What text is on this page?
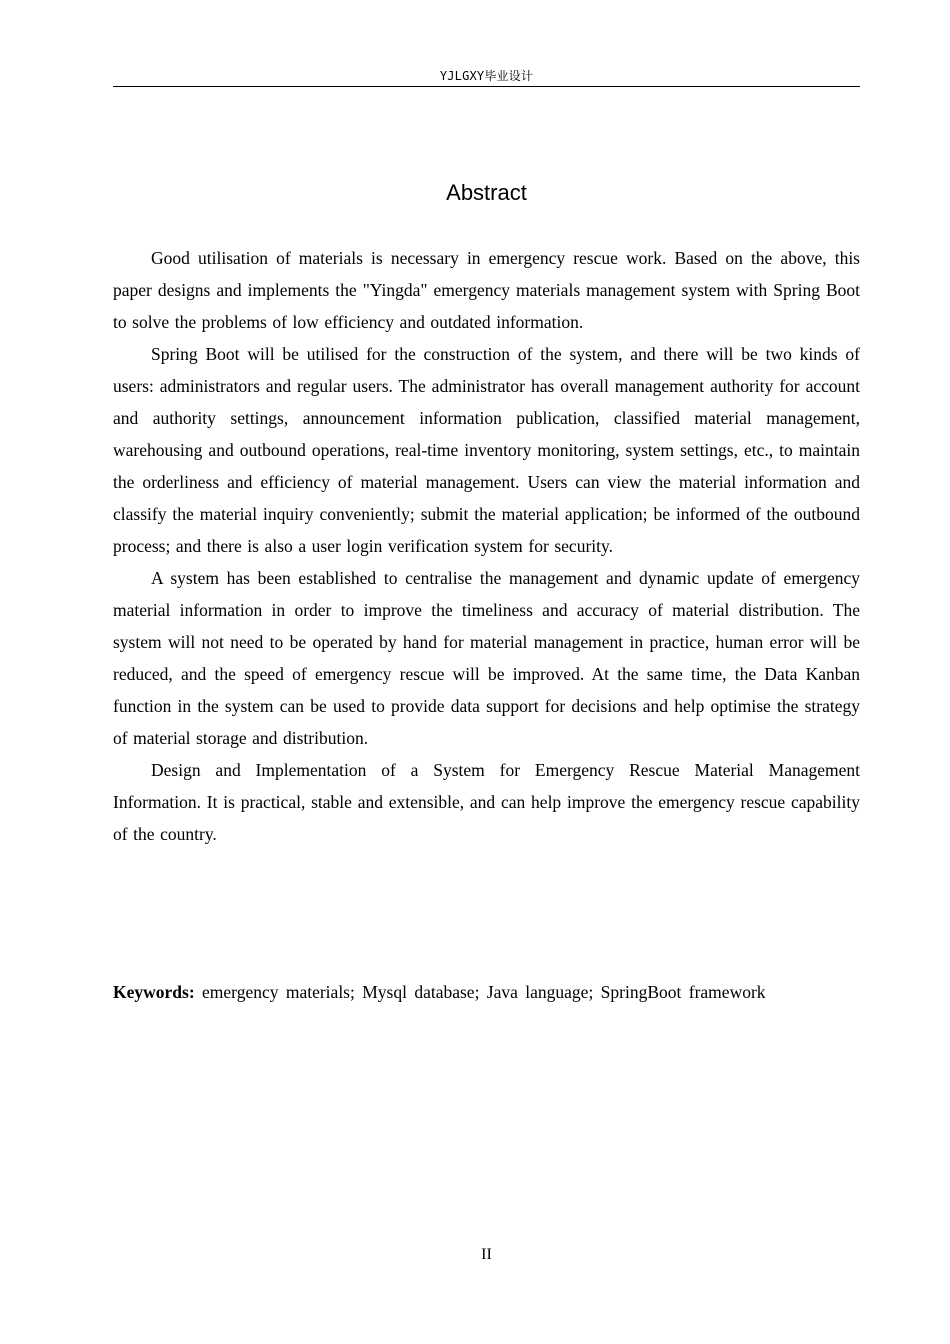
YJLGXY毕业设计
Abstract

Good utilisation of materials is necessary in emergency rescue work. Based on the above, this paper designs and implements the "Yingda" emergency materials management system with Spring Boot to solve the problems of low efficiency and outdated information.

Spring Boot will be utilised for the construction of the system, and there will be two kinds of users: administrators and regular users. The administrator has overall management authority for account and authority settings, announcement information publication, classified material management, warehousing and outbound operations, real-time inventory monitoring, system settings, etc., to maintain the orderliness and efficiency of material management. Users can view the material information and classify the material inquiry conveniently; submit the material application; be informed of the outbound process; and there is also a user login verification system for security.

A system has been established to centralise the management and dynamic update of emergency material information in order to improve the timeliness and accuracy of material distribution. The system will not need to be operated by hand for material management in practice, human error will be reduced, and the speed of emergency rescue will be improved. At the same time, the Data Kanban function in the system can be used to provide data support for decisions and help optimise the strategy of material storage and distribution.

Design and Implementation of a System for Emergency Rescue Material Management Information. It is practical, stable and extensible, and can help improve the emergency rescue capability of the country.

Keywords: emergency materials; Mysql database; Java language; SpringBoot framework
II
